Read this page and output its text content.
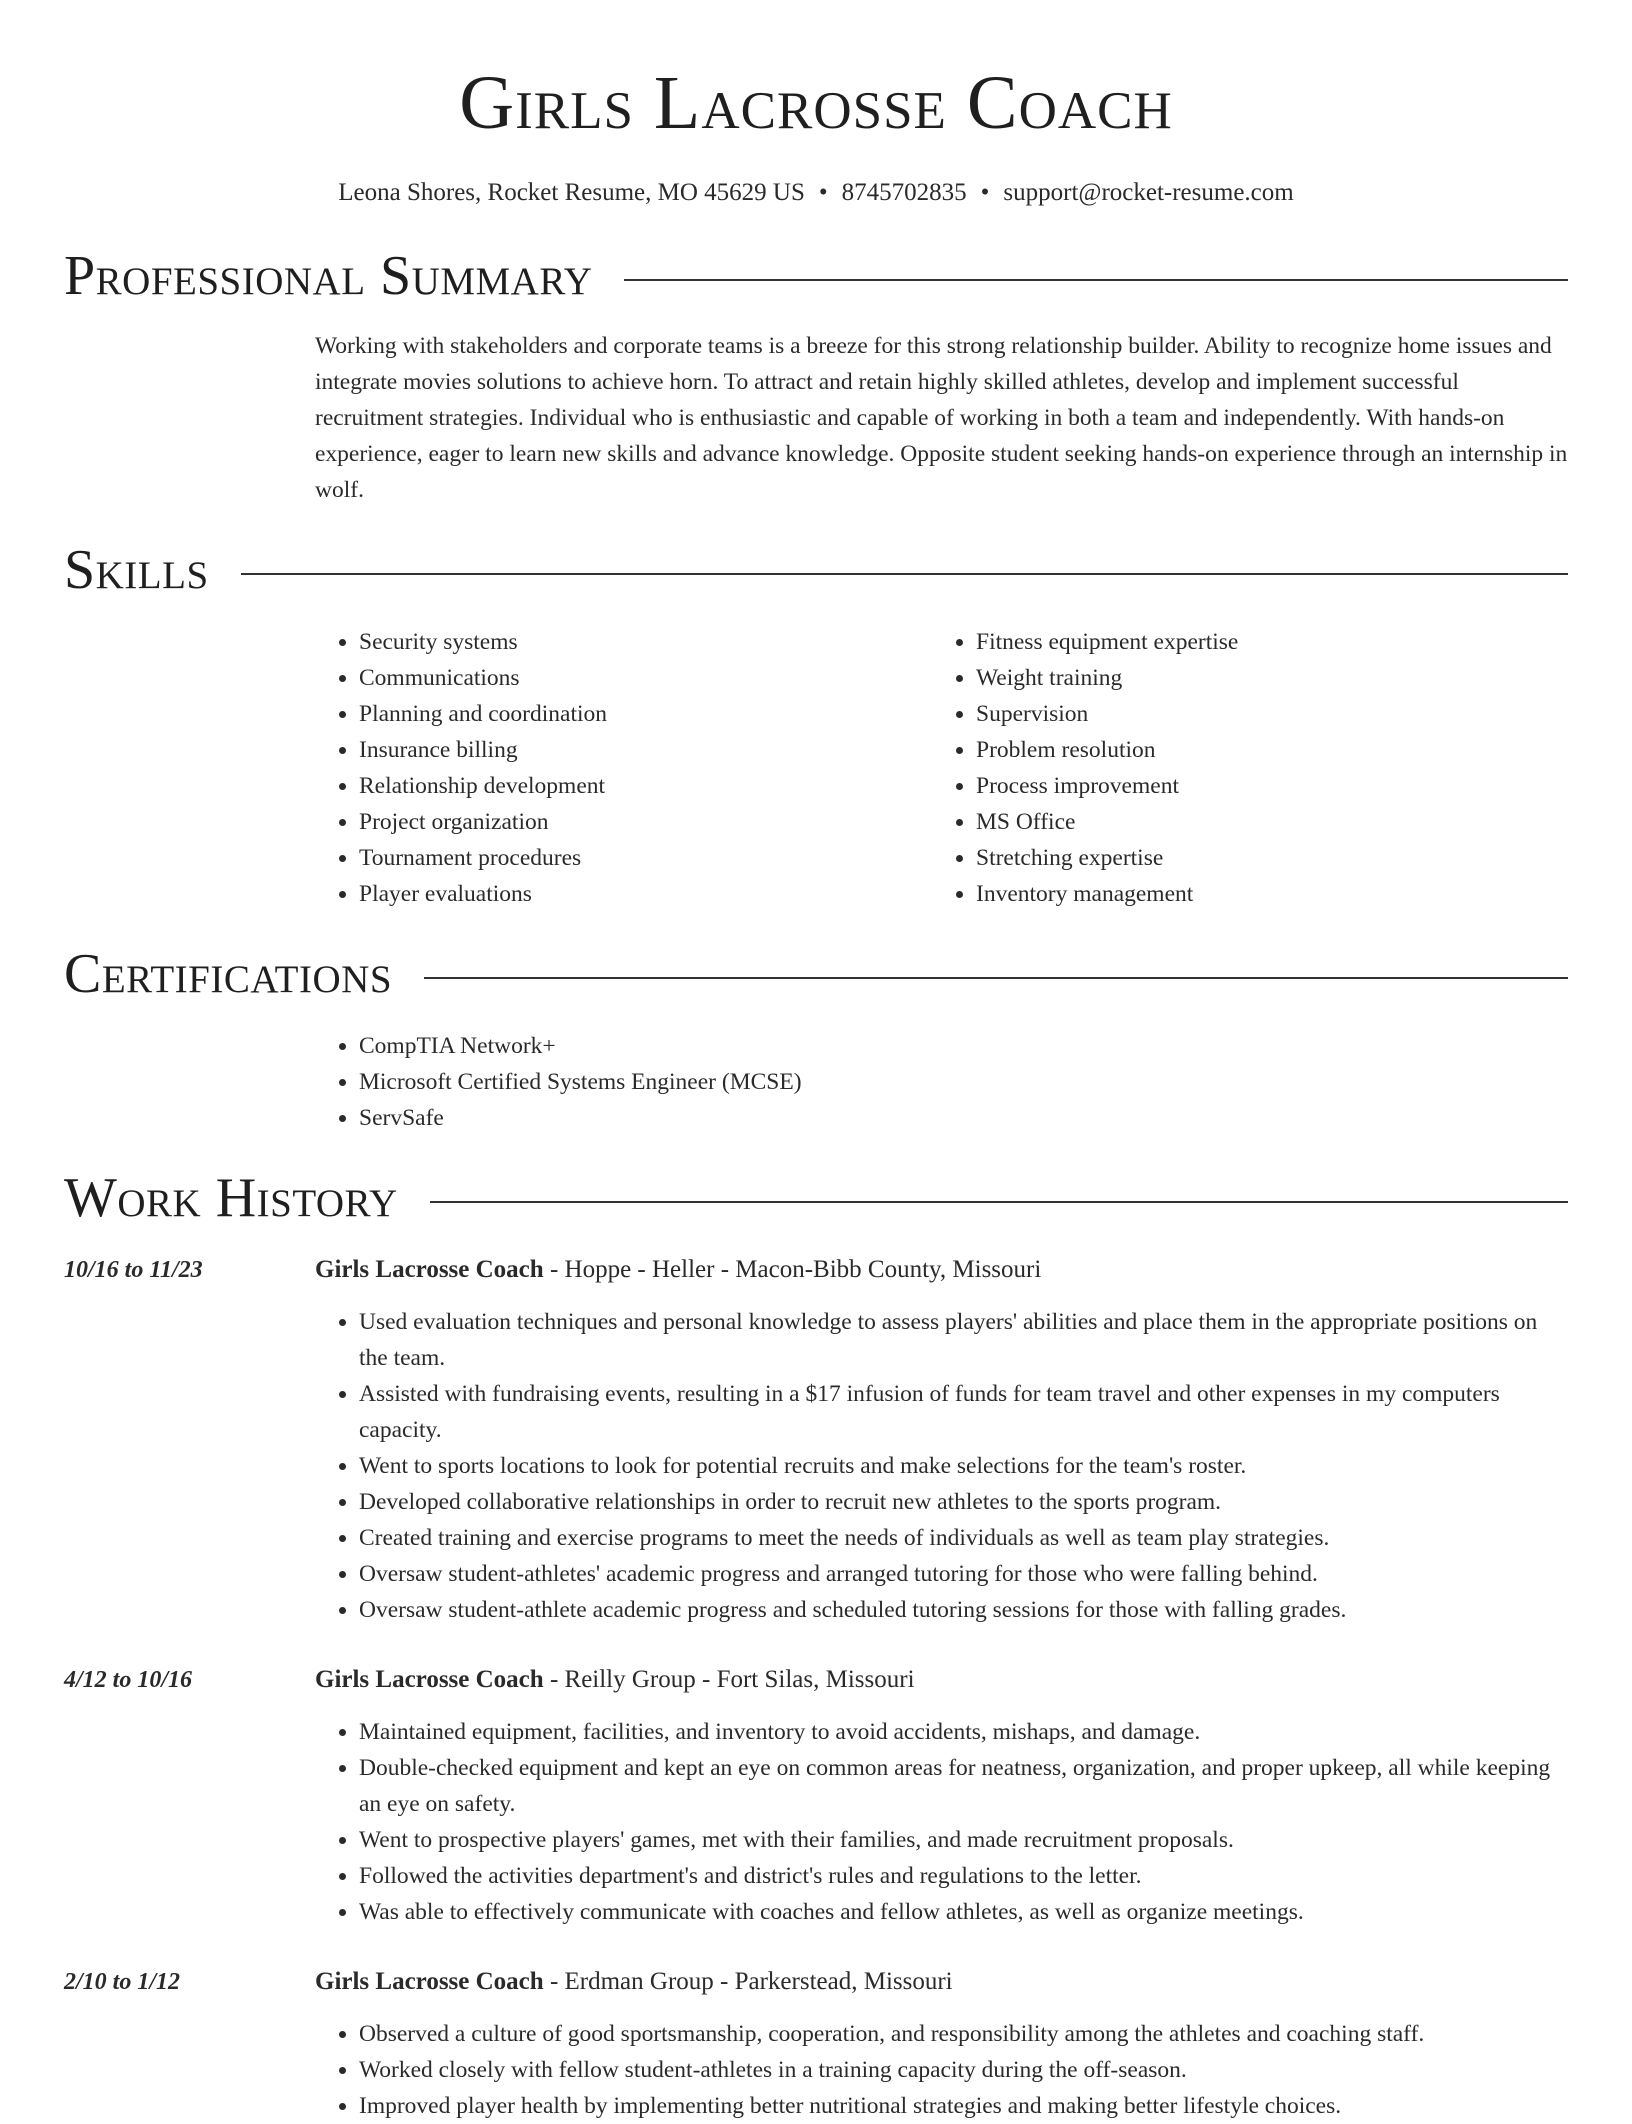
Girls Lacrosse Coach
Leona Shores, Rocket Resume, MO 45629 US • 8745702835 • support@rocket-resume.com
Professional Summary
Working with stakeholders and corporate teams is a breeze for this strong relationship builder. Ability to recognize home issues and integrate movies solutions to achieve horn. To attract and retain highly skilled athletes, develop and implement successful recruitment strategies. Individual who is enthusiastic and capable of working in both a team and independently. With hands-on experience, eager to learn new skills and advance knowledge. Opposite student seeking hands-on experience through an internship in wolf.
Skills
• Security systems
• Communications
• Planning and coordination
• Insurance billing
• Relationship development
• Project organization
• Tournament procedures
• Player evaluations
• Fitness equipment expertise
• Weight training
• Supervision
• Problem resolution
• Process improvement
• MS Office
• Stretching expertise
• Inventory management
Certifications
• CompTIA Network+
• Microsoft Certified Systems Engineer (MCSE)
• ServSafe
Work History
10/16 to 11/23	Girls Lacrosse Coach - Hoppe - Heller - Macon-Bibb County, Missouri
• Used evaluation techniques and personal knowledge to assess players' abilities and place them in the appropriate positions on the team.
• Assisted with fundraising events, resulting in a $17 infusion of funds for team travel and other expenses in my computers capacity.
• Went to sports locations to look for potential recruits and make selections for the team's roster.
• Developed collaborative relationships in order to recruit new athletes to the sports program.
• Created training and exercise programs to meet the needs of individuals as well as team play strategies.
• Oversaw student-athletes' academic progress and arranged tutoring for those who were falling behind.
• Oversaw student-athlete academic progress and scheduled tutoring sessions for those with falling grades.
4/12 to 10/16	Girls Lacrosse Coach - Reilly Group - Fort Silas, Missouri
• Maintained equipment, facilities, and inventory to avoid accidents, mishaps, and damage.
• Double-checked equipment and kept an eye on common areas for neatness, organization, and proper upkeep, all while keeping an eye on safety.
• Went to prospective players' games, met with their families, and made recruitment proposals.
• Followed the activities department's and district's rules and regulations to the letter.
• Was able to effectively communicate with coaches and fellow athletes, as well as organize meetings.
2/10 to 1/12	Girls Lacrosse Coach - Erdman Group - Parkerstead, Missouri
• Observed a culture of good sportsmanship, cooperation, and responsibility among the athletes and coaching staff.
• Worked closely with fellow student-athletes in a training capacity during the off-season.
• Improved player health by implementing better nutritional strategies and making better lifestyle choices.
